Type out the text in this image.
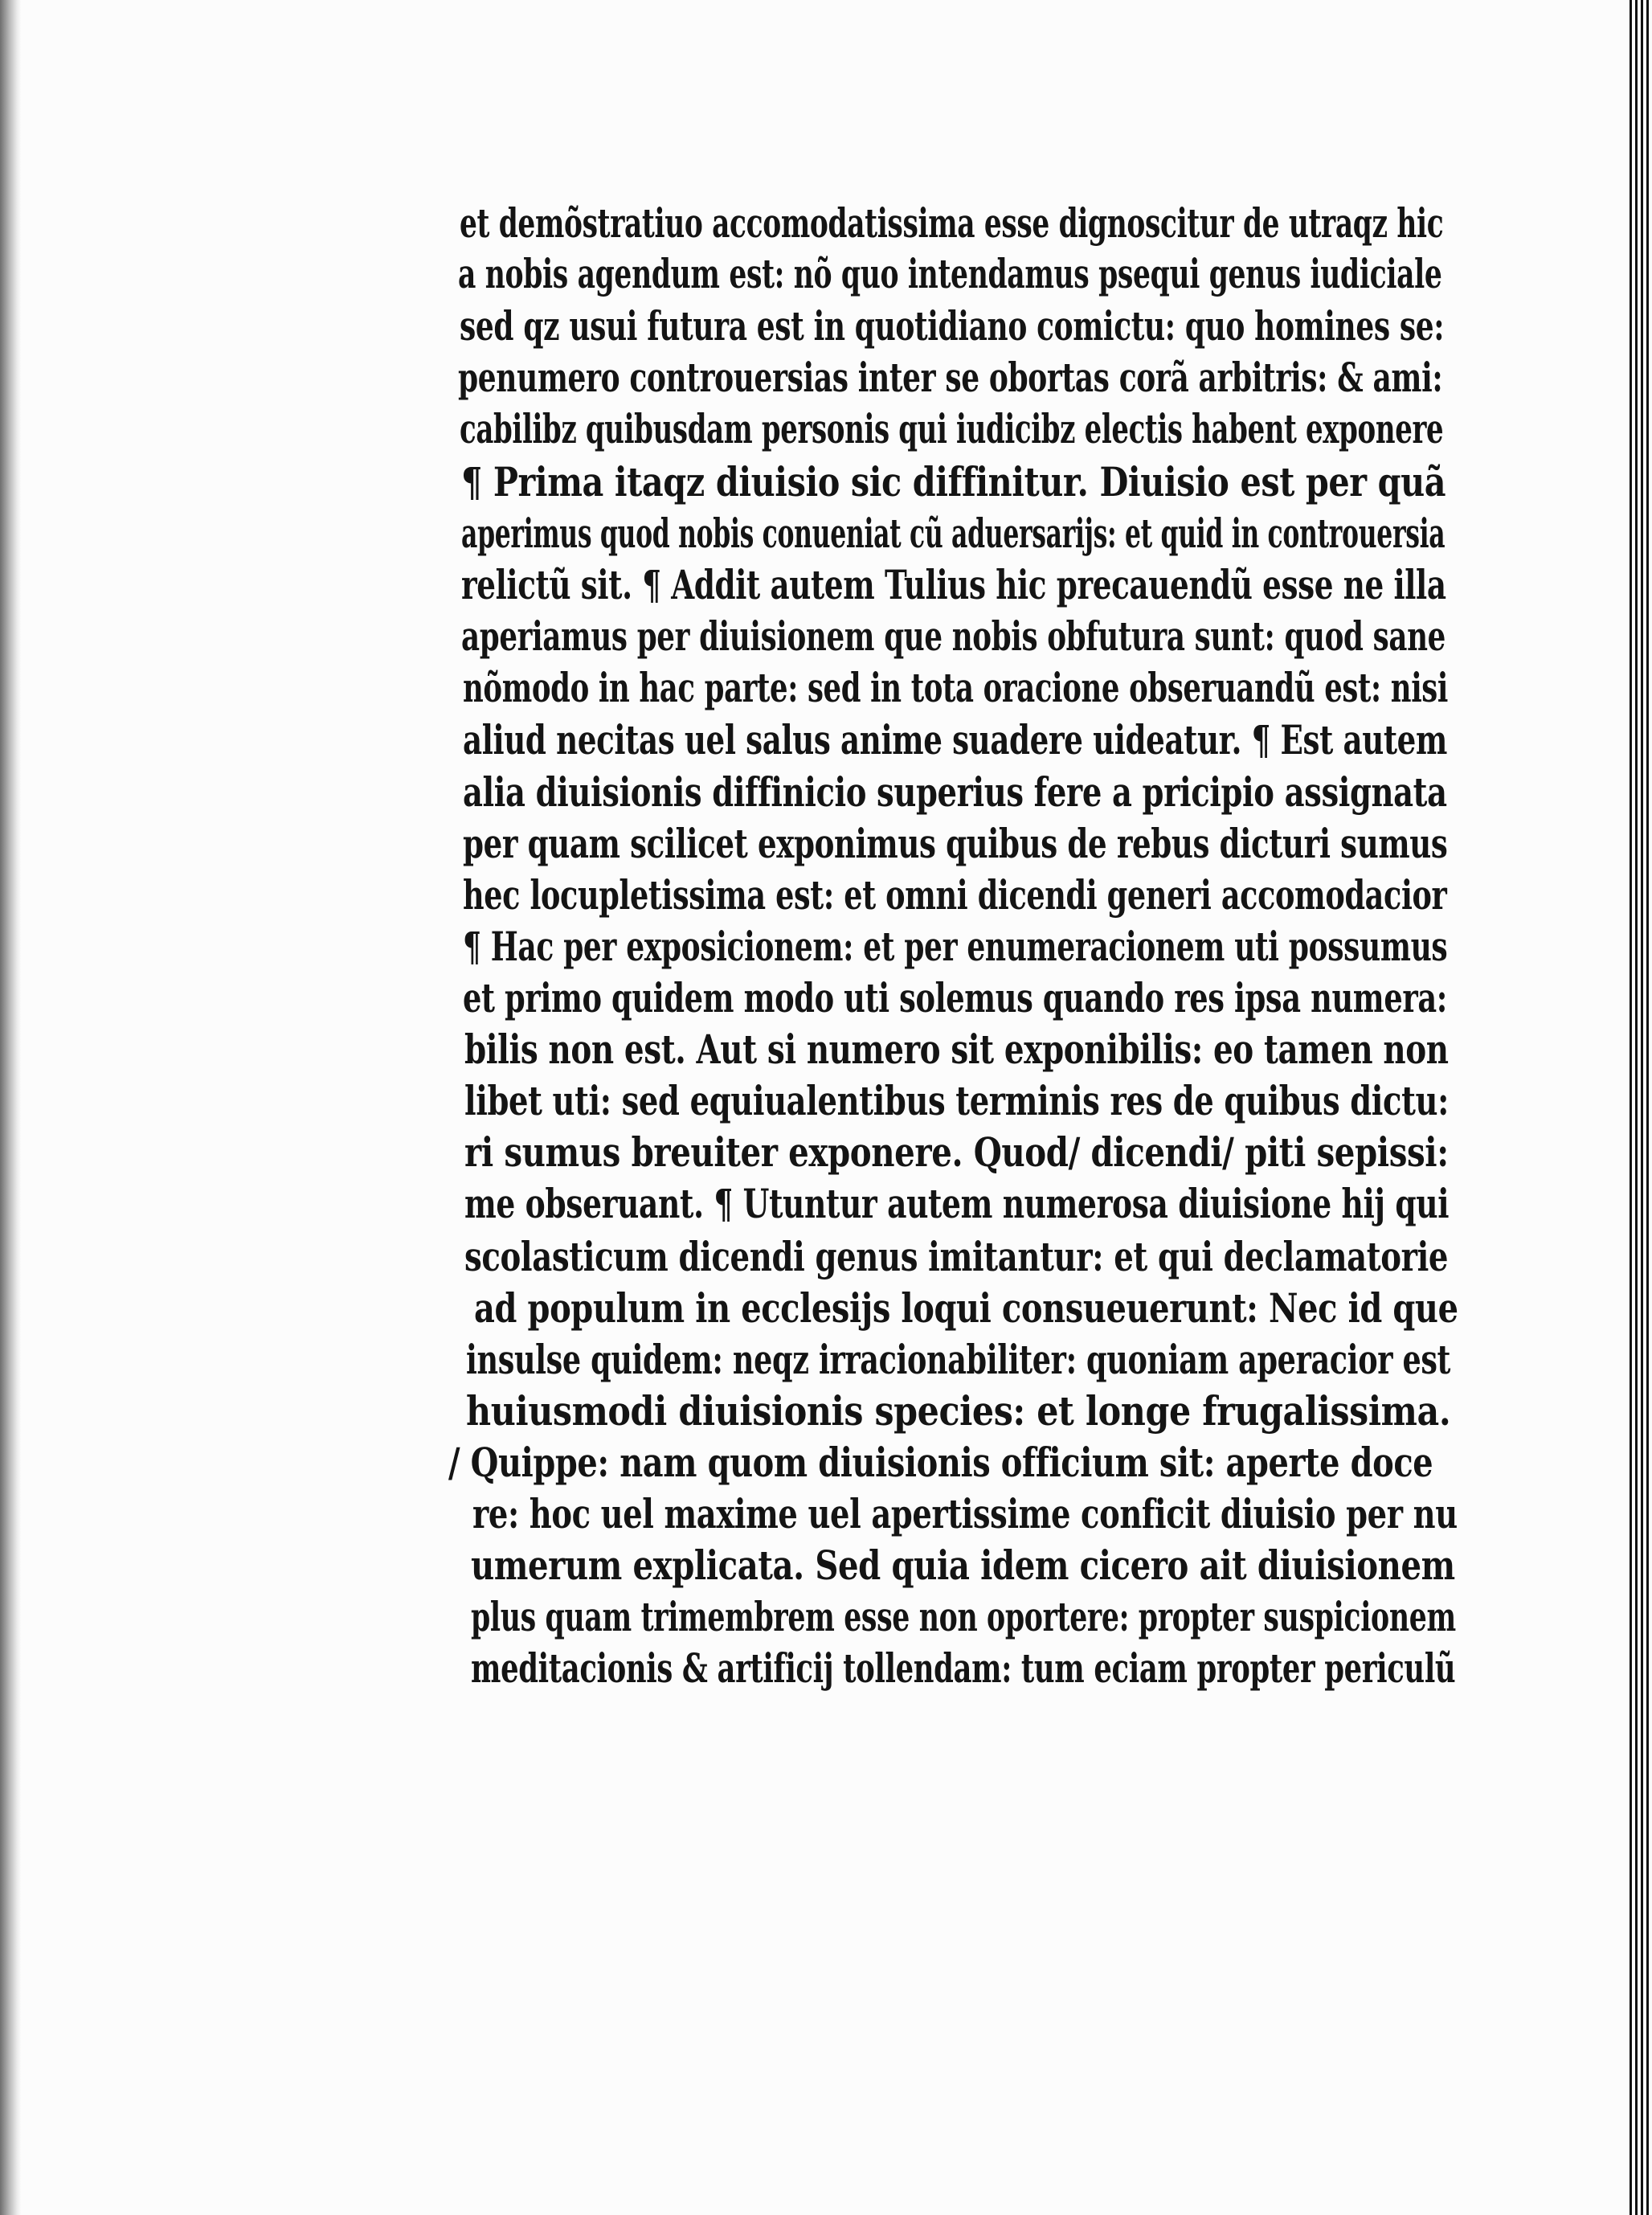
et demõstratiuo accomodatissima esse dignoscitur de utraqz hic
a nobis agendum est: nõ quo intendamus psequi genus iudiciale
sed qz usui futura est in quotidiano comictu: quo homines se:
penumero controuersias inter se obortas corã arbitris: & ami:
cabilibz quibusdam personis qui iudicibz electis habent exponere
¶ Prima itaqz diuisio sic diffinitur. Diuisio est per quã
aperimus quod nobis conueniat cũ aduersarijs: et quid in controuersia
relictũ sit. ¶ Addit autem Tulius hic precauendũ esse ne illa
aperiamus per diuisionem que nobis obfutura sunt: quod sane
nõmodo in hac parte: sed in tota oracione obseruandũ est: nisi
aliud necitas uel salus anime suadere uideatur. ¶ Est autem
alia diuisionis diffinicio superius fere a pricipio assignata
per quam scilicet exponimus quibus de rebus dicturi sumus
hec locupletissima est: et omni dicendi generi accomodacior
¶ Hac per exposicionem: et per enumeracionem uti possumus
et primo quidem modo uti solemus quando res ipsa numera:
bilis non est. Aut si numero sit exponibilis: eo tamen non
libet uti: sed equiualentibus terminis res de quibus dictu:
ri sumus breuiter exponere. Quod/ dicendi/ piti sepissi:
me obseruant. ¶ Utuntur autem numerosa diuisione hij qui
scolasticum dicendi genus imitantur: et qui declamatorie
ad populum in ecclesijs loqui consueuerunt: Nec id que
insulse quidem: neqz irracionabiliter: quoniam aperacior est
huiusmodi diuisionis species: et longe frugalissima.
/ Quippe: nam quom diuisionis officium sit: aperte doce
re: hoc uel maxime uel apertissime conficit diuisio per nu
umerum explicata. Sed quia idem cicero ait diuisionem
plus quam trimembrem esse non oportere: propter suspicionem
meditacionis & artificij tollendam: tum eciam propter periculũ
